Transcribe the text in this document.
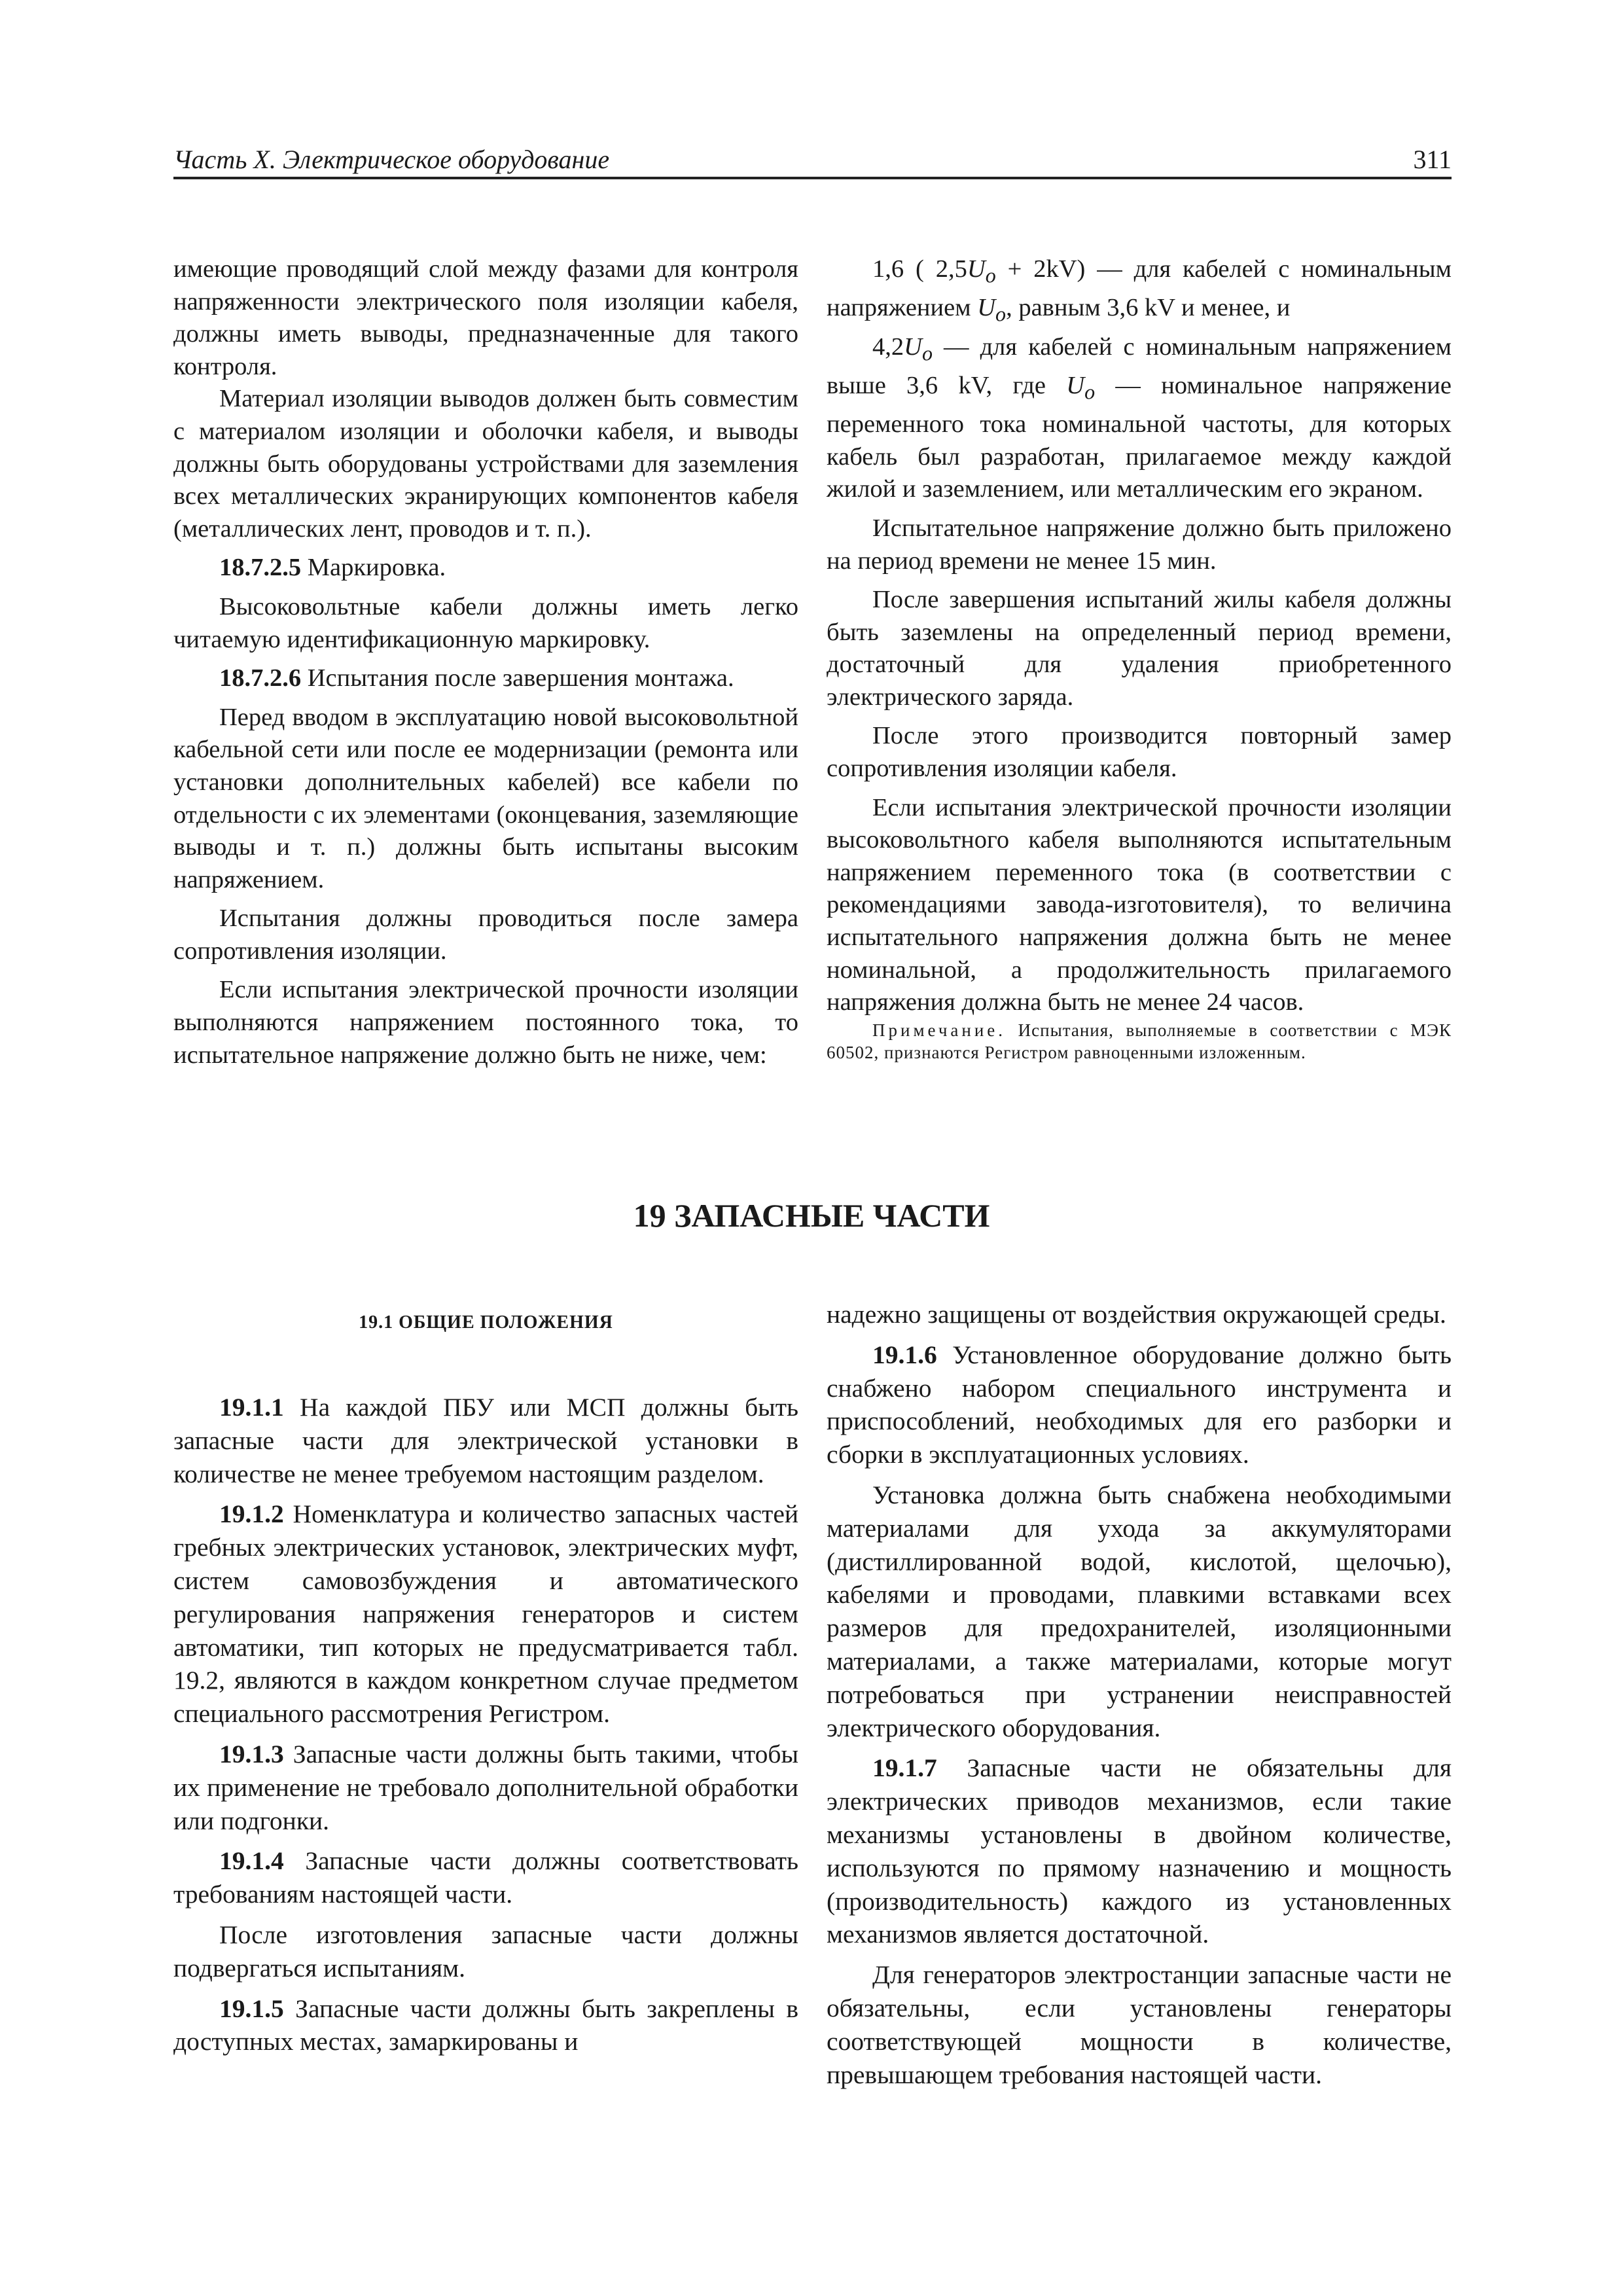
Часть X. Электрическое оборудование	311

имеющие проводящий слой между фазами для контроля напряженности электрического поля изоляции кабеля, должны иметь выводы, предназначенные для такого контроля.

Материал изоляции выводов должен быть совместим с материалом изоляции и оболочки кабеля, и выводы должны быть оборудованы устройствами для заземления всех металлических экранирующих компонентов кабеля (металлических лент, проводов и т. п.).

18.7.2.5 Маркировка.

Высоковольтные кабели должны иметь легко читаемую идентификационную маркировку.

18.7.2.6 Испытания после завершения монтажа.

Перед вводом в эксплуатацию новой высоковольтной кабельной сети или после ее модернизации (ремонта или установки дополнительных кабелей) все кабели по отдельности с их элементами (оконцевания, заземляющие выводы и т. п.) должны быть испытаны высоким напряжением.

Испытания должны проводиться после замера сопротивления изоляции.

Если испытания электрической прочности изоляции выполняются напряжением постоянного тока, то испытательное напряжение должно быть не ниже, чем:

1,6 ( $2,5U_o + 2kV$) — для кабелей с номинальным напряжением $U_o$, равным 3,6 kV и менее, и

$4,2U_o$ — для кабелей с номинальным напряжением выше 3,6 kV, где $U_o$ — номинальное напряжение переменного тока номинальной частоты, для которых кабель был разработан, прилагаемое между каждой жилой и заземлением, или металлическим его экраном.

Испытательное напряжение должно быть приложено на период времени не менее 15 мин.

После завершения испытаний жилы кабеля должны быть заземлены на определенный период времени, достаточный для удаления приобретенного электрического заряда.

После этого производится повторный замер сопротивления изоляции кабеля.

Если испытания электрической прочности изоляции высоковольтного кабеля выполняются испытательным напряжением переменного тока (в соответствии с рекомендациями завода-изготовителя), то величина испытательного напряжения должна быть не менее номинальной, а продолжительность прилагаемого напряжения должна быть не менее 24 часов.

Примечание. Испытания, выполняемые в соответствии с МЭК 60502, признаются Регистром равноценными изложенным.

19 ЗАПАСНЫЕ ЧАСТИ
19.1 ОБЩИЕ ПОЛОЖЕНИЯ

19.1.1 На каждой ПБУ или МСП должны быть запасные части для электрической установки в количестве не менее требуемом настоящим разделом.

19.1.2 Номенклатура и количество запасных частей гребных электрических установок, электрических муфт, систем самовозбуждения и автоматического регулирования напряжения генераторов и систем автоматики, тип которых не предусматривается табл. 19.2, являются в каждом конкретном случае предметом специального рассмотрения Регистром.

19.1.3 Запасные части должны быть такими, чтобы их применение не требовало дополнительной обработки или подгонки.

19.1.4 Запасные части должны соответствовать требованиям настоящей части.

После изготовления запасные части должны подвергаться испытаниям.

19.1.5 Запасные части должны быть закреплены в доступных местах, замаркированы и

надежно защищены от воздействия окружающей среды.

19.1.6 Установленное оборудование должно быть снабжено набором специального инструмента и приспособлений, необходимых для его разборки и сборки в эксплуатационных условиях.

Установка должна быть снабжена необходимыми материалами для ухода за аккумуляторами (дистиллированной водой, кислотой, щелочью), кабелями и проводами, плавкими вставками всех размеров для предохранителей, изоляционными материалами, а также материалами, которые могут потребоваться при устранении неисправностей электрического оборудования.

19.1.7 Запасные части не обязательны для электрических приводов механизмов, если такие механизмы установлены в двойном количестве, используются по прямому назначению и мощность (производительность) каждого из установленных механизмов является достаточной.

Для генераторов электростанции запасные части не обязательны, если установлены генераторы соответствующей мощности в количестве, превышающем требования настоящей части.
